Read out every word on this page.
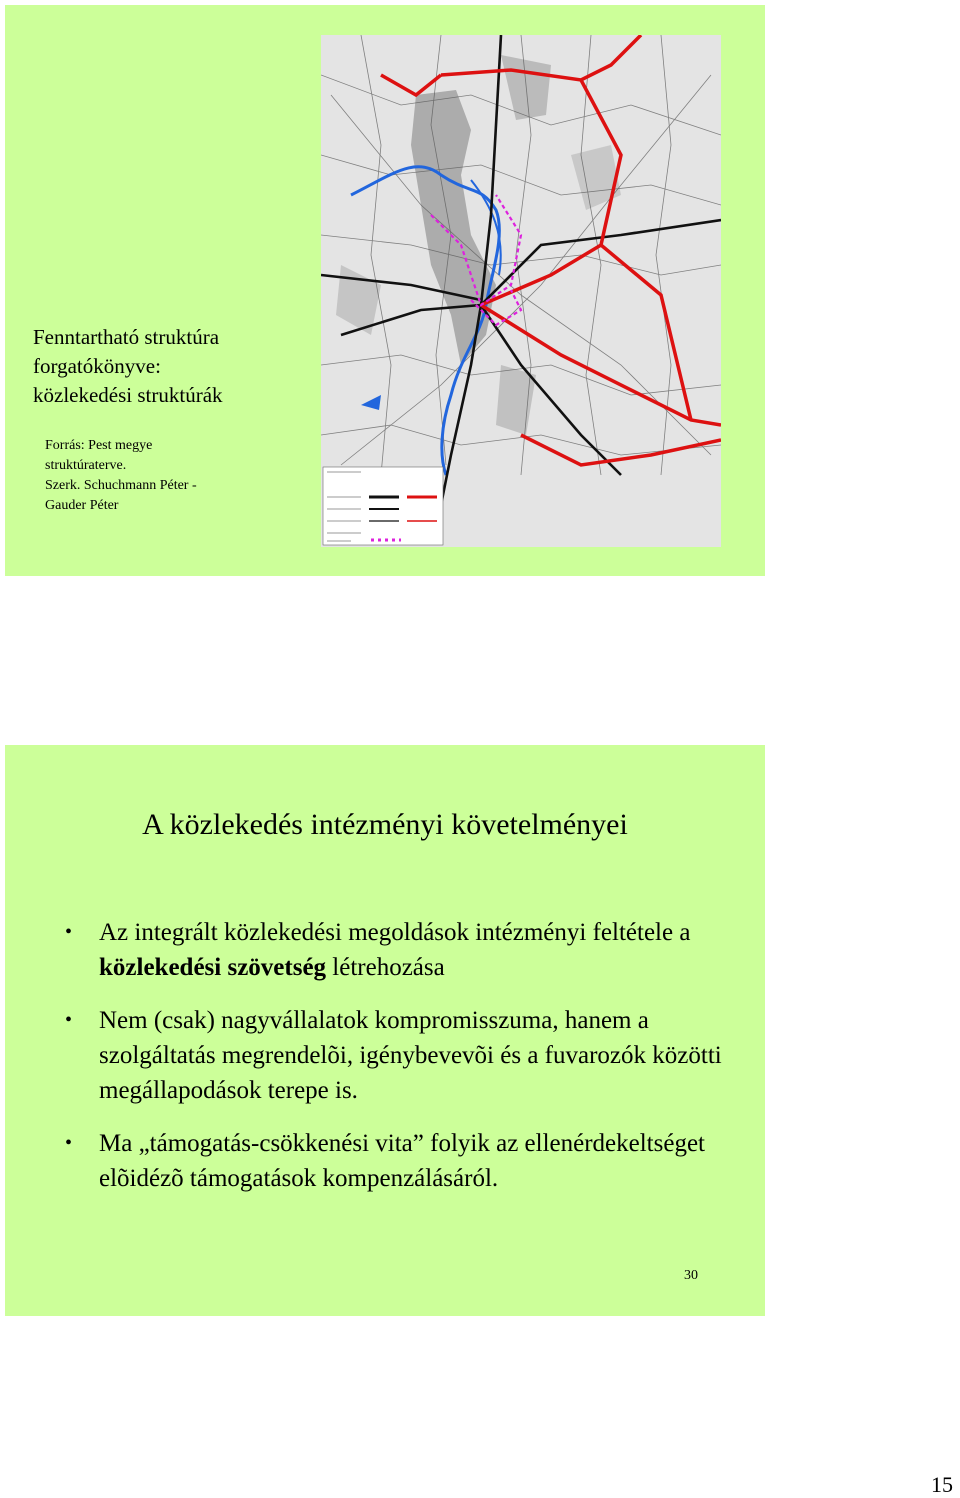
Fenntartható struktúra
forgatókönyve:
közlekedési struktúrák
Forrás: Pest megye
struktúraterve.
Szerk. Schuchmann Péter -
Gauder Péter
A közlekedés intézményi követelményei
• Az integrált közlekedési megoldások intézményi feltétele a közlekedési szövetség létrehozása
• Nem (csak) nagyvállalatok kompromisszuma, hanem a szolgáltatás megrendelõi, igénybevevõi és a fuvarozók közötti megállapodások terepe is.
• Ma „támogatás-csökkenési vita” folyik az ellenérdekeltséget elõidézõ támogatások kompenzálásáról.
30
15
